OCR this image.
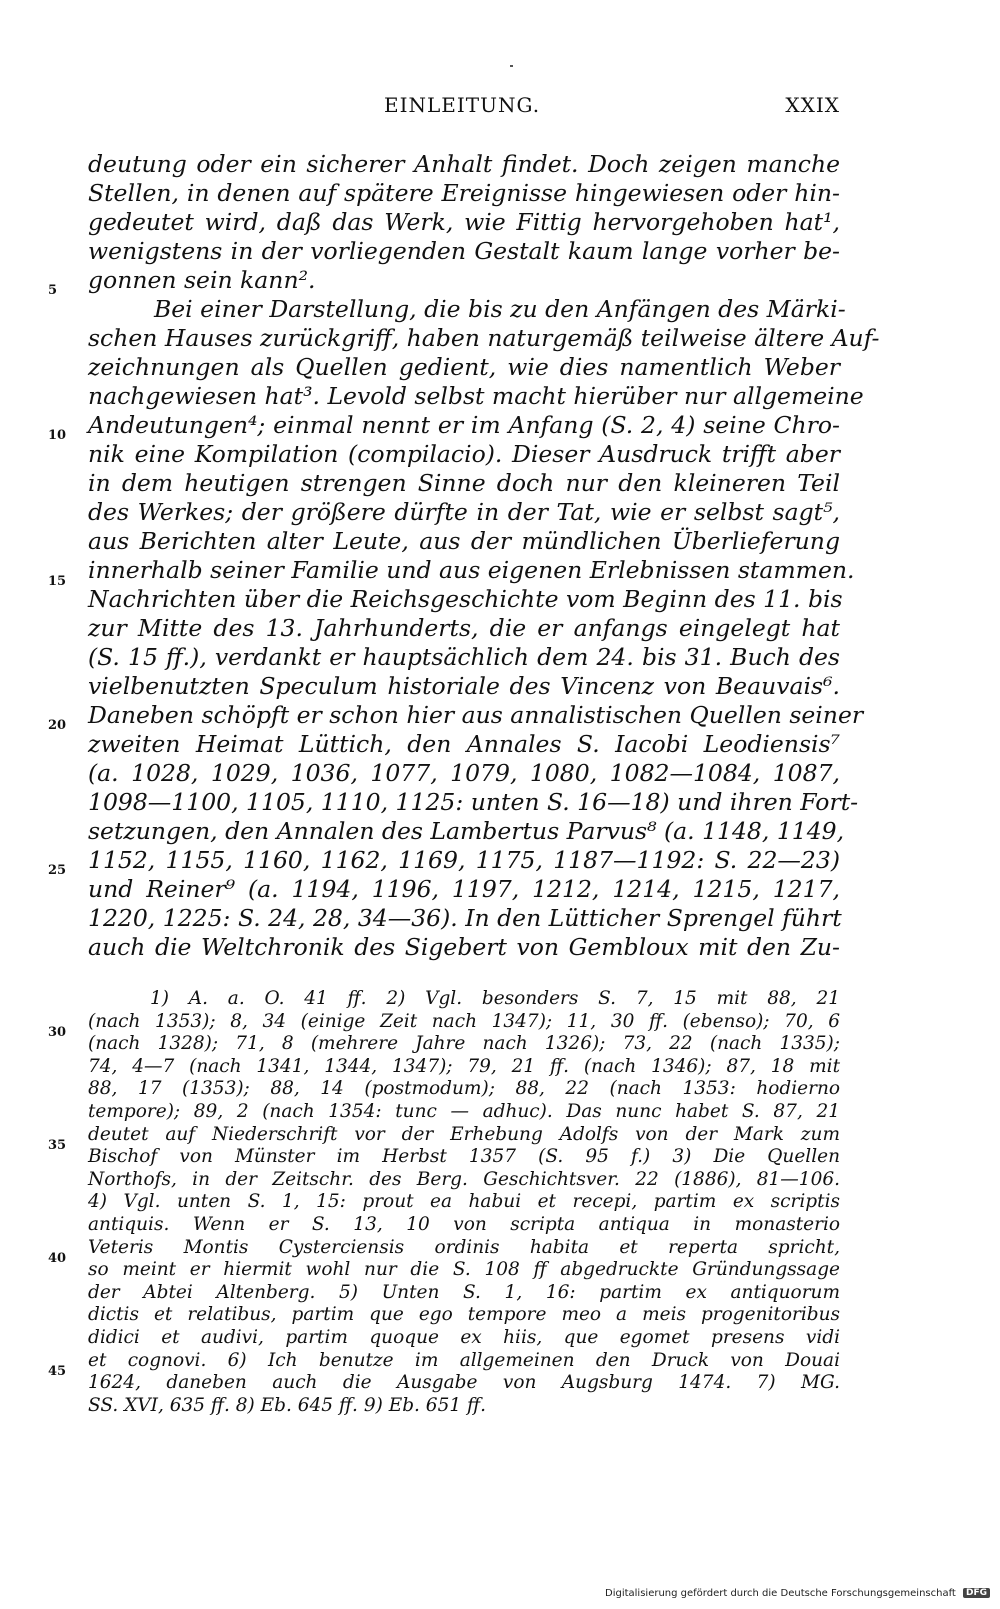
EINLEITUNG.	XXIX
deutung oder ein sicherer Anhalt findet. Doch zeigen manche
Stellen, in denen auf spätere Ereignisse hingewiesen oder hin-
gedeutet wird, daß das Werk, wie Fittig hervorgehoben hat¹,
wenigstens in der vorliegenden Gestalt kaum lange vorher be-
gonnen sein kann².
Bei einer Darstellung, die bis zu den Anfängen des Märki-
schen Hauses zurückgriff, haben naturgemäß teilweise ältere Auf-
zeichnungen als Quellen gedient, wie dies namentlich Weber
nachgewiesen hat³. Levold selbst macht hierüber nur allgemeine
Andeutungen⁴; einmal nennt er im Anfang (S. 2, 4) seine Chro-
nik eine Kompilation (compilacio). Dieser Ausdruck trifft aber
in dem heutigen strengen Sinne doch nur den kleineren Teil
des Werkes; der größere dürfte in der Tat, wie er selbst sagt⁵,
aus Berichten alter Leute, aus der mündlichen Überlieferung
innerhalb seiner Familie und aus eigenen Erlebnissen stammen.
Nachrichten über die Reichsgeschichte vom Beginn des 11. bis
zur Mitte des 13. Jahrhunderts, die er anfangs eingelegt hat
(S. 15 ff.), verdankt er hauptsächlich dem 24. bis 31. Buch des
vielbenutzten Speculum historiale des Vincenz von Beauvais⁶.
Daneben schöpft er schon hier aus annalistischen Quellen seiner
zweiten Heimat Lüttich, den Annales S. Iacobi Leodiensis⁷
(a. 1028, 1029, 1036, 1077, 1079, 1080, 1082—1084, 1087,
1098—1100, 1105, 1110, 1125: unten S. 16—18) und ihren Fort-
setzungen, den Annalen des Lambertus Parvus⁸ (a. 1148, 1149,
1152, 1155, 1160, 1162, 1169, 1175, 1187—1192: S. 22—23)
und Reiner⁹ (a. 1194, 1196, 1197, 1212, 1214, 1215, 1217,
1220, 1225: S. 24, 28, 34—36). In den Lütticher Sprengel führt
auch die Weltchronik des Sigebert von Gembloux mit den Zu-
5
10
15
20
25
1) A. a. O. 41 ff. 2) Vgl. besonders S. 7, 15 mit 88, 21
(nach 1353); 8, 34 (einige Zeit nach 1347); 11, 30 ff. (ebenso); 70, 6
(nach 1328); 71, 8 (mehrere Jahre nach 1326); 73, 22 (nach 1335);
74, 4—7 (nach 1341, 1344, 1347); 79, 21 ff. (nach 1346); 87, 18 mit
88, 17 (1353); 88, 14 (postmodum); 88, 22 (nach 1353: hodierno
tempore); 89, 2 (nach 1354: tunc — adhuc). Das nunc habet S. 87, 21
deutet auf Niederschrift vor der Erhebung Adolfs von der Mark zum
Bischof von Münster im Herbst 1357 (S. 95 f.) 3) Die Quellen
Northofs, in der Zeitschr. des Berg. Geschichtsver. 22 (1886), 81—106.
4) Vgl. unten S. 1, 15: prout ea habui et recepi, partim ex scriptis
antiquis. Wenn er S. 13, 10 von scripta antiqua in monasterio
Veteris Montis Cysterciensis ordinis habita et reperta spricht,
so meint er hiermit wohl nur die S. 108 ff abgedruckte Gründungssage
der Abtei Altenberg. 5) Unten S. 1, 16: partim ex antiquorum
dictis et relatibus, partim que ego tempore meo a meis progenitoribus
didici et audivi, partim quoque ex hiis, que egomet presens vidi
et cognovi. 6) Ich benutze im allgemeinen den Druck von Douai
1624, daneben auch die Ausgabe von Augsburg 1474. 7) MG.
SS. XVI, 635 ff. 8) Eb. 645 ff. 9) Eb. 651 ff.
30
35
40
45
Digitalisierung gefördert durch die Deutsche Forschungsgemeinschaft DFG
